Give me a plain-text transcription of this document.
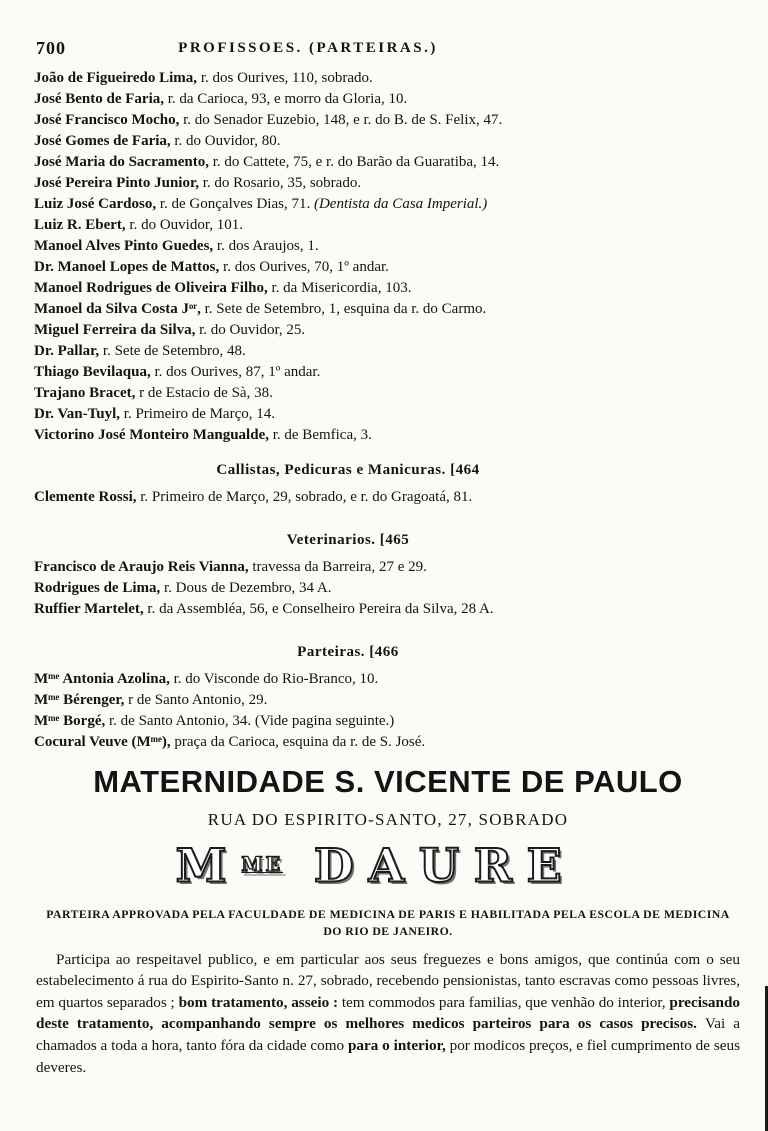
700	PROFISSOES. (PARTEIRAS.)

João de Figueiredo Lima, r. dos Ourives, 110, sobrado.

José Bento de Faria, r. da Carioca, 93, e morro da Gloria, 10.

José Francisco Mocho, r. do Senador Euzebio, 148, e r. do B. de S. Felix, 47.

José Gomes de Faria, r. do Ouvidor, 80.

José Maria do Sacramento, r. do Cattete, 75, e r. do Barão da Guaratiba, 14.

José Pereira Pinto Junior, r. do Rosario, 35, sobrado.

Luiz José Cardoso, r. de Gonçalves Dias, 71. (Dentista da Casa Imperial.)

Luiz R. Ebert, r. do Ouvidor, 101.

Manoel Alves Pinto Guedes, r. dos Araujos, 1.

Dr. Manoel Lopes de Mattos, r. dos Ourives, 70, 1º andar.

Manoel Rodrigues de Oliveira Filho, r. da Misericordia, 103.

Manoel da Silva Costa Jᵒʳ, r. Sete de Setembro, 1, esquina da r. do Carmo.

Miguel Ferreira da Silva, r. do Ouvidor, 25.

Dr. Pallar, r. Sete de Setembro, 48.

Thiago Bevilaqua, r. dos Ourives, 87, 1º andar.

Trajano Bracet, r de Estacio de Sà, 38.

Dr. Van-Tuyl, r. Primeiro de Março, 14.

Victorino José Monteiro Mangualde, r. de Bemfica, 3.

Callistas, Pedicuras e Manicuras. [464

Clemente Rossi, r. Primeiro de Março, 29, sobrado, e r. do Gragoatá, 81.

Veterinarios. [465

Francisco de Araujo Reis Vianna, travessa da Barreira, 27 e 29.

Rodrigues de Lima, r. Dous de Dezembro, 34 A.

Ruffier Martelet, r. da Assembléa, 56, e Conselheiro Pereira da Silva, 28 A.

Parteiras. [466

Mᵐᵉ Antonia Azolina, r. do Visconde do Rio-Branco, 10.

Mᵐᵉ Bérenger, r de Santo Antonio, 29.

Mᵐᵉ Borgé, r. de Santo Antonio, 34. (Vide pagina seguinte.)

Cocural Veuve (Mᵐᵉ), praça da Carioca, esquina da r. de S. José.

MATERNIDADE S. VICENTE DE PAULO
RUA DO ESPIRITO-SANTO, 27, SOBRADO
$M^{ME}$ DAURE

PARTEIRA APPROVADA PELA FACULDADE DE MEDICINA DE PARIS E HABILITADA PELA ESCOLA DE MEDICINA DO RIO DE JANEIRO.

Participa ao respeitavel publico, e em particular aos seus freguezes e bons amigos, que continúa com o seu estabelecimento á rua do Espirito-Santo n. 27, sobrado, recebendo pensionistas, tanto escravas como pessoas livres, em quartos separados ; bom tratamento, asseio : tem commodos para familias, que venhão do interior, precisando deste tratamento, acompanhando sempre os melhores medicos parteiros para os casos precisos. Vai a chamados a toda a hora, tanto fóra da cidade como para o interior, por modicos preços, e fiel cumprimento de seus deveres.
